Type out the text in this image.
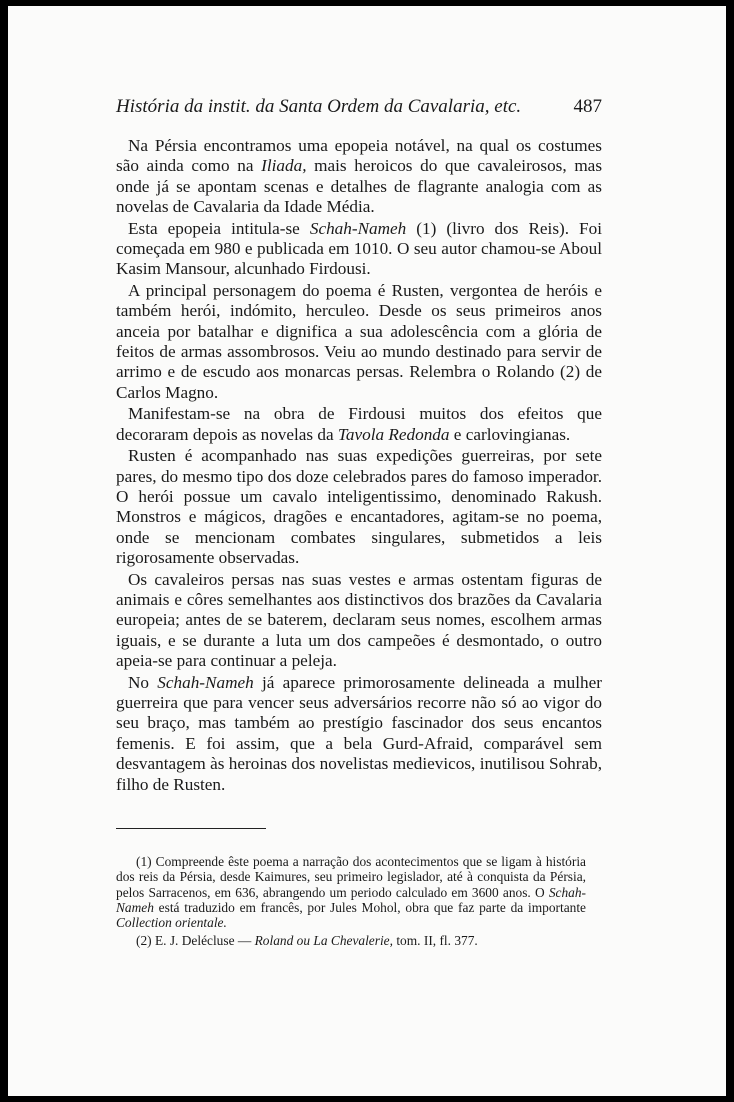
História da instit. da Santa Ordem da Cavalaria, etc.	487

Na Pérsia encontramos uma epopeia notável, na qual os costumes são ainda como na Iliada, mais heroicos do que cavaleirosos, mas onde já se apontam scenas e detalhes de flagrante analogia com as novelas de Cavalaria da Idade Média.

Esta epopeia intitula-se Schah-Nameh (1) (livro dos Reis). Foi começada em 980 e publicada em 1010. O seu autor chamou-se Aboul Kasim Mansour, alcunhado Firdousi.

A principal personagem do poema é Rusten, vergontea de heróis e também herói, indómito, herculeo. Desde os seus primeiros anos anceia por batalhar e dignifica a sua adolescência com a glória de feitos de armas assombrosos. Veiu ao mundo destinado para servir de arrimo e de escudo aos monarcas persas. Relembra o Rolando (2) de Carlos Magno.

Manifestam-se na obra de Firdousi muitos dos efeitos que decoraram depois as novelas da Tavola Redonda e carlovingianas.

Rusten é acompanhado nas suas expedições guerreiras, por sete pares, do mesmo tipo dos doze celebrados pares do famoso imperador. O herói possue um cavalo inteligentissimo, denominado Rakush. Monstros e mágicos, dragões e encantadores, agitam-se no poema, onde se mencionam combates singulares, submetidos a leis rigorosamente observadas.

Os cavaleiros persas nas suas vestes e armas ostentam figuras de animais e côres semelhantes aos distinctivos dos brazões da Cavalaria europeia; antes de se baterem, declaram seus nomes, escolhem armas iguais, e se durante a luta um dos campeões é desmontado, o outro apeia-se para continuar a peleja.

No Schah-Nameh já aparece primorosamente delineada a mulher guerreira que para vencer seus adversários recorre não só ao vigor do seu braço, mas também ao prestígio fascinador dos seus encantos femenis. E foi assim, que a bela Gurd-Afraid, comparável sem desvantagem às heroinas dos novelistas medievicos, inutilisou Sohrab, filho de Rusten.

(1) Compreende êste poema a narração dos acontecimentos que se ligam à história dos reis da Pérsia, desde Kaimures, seu primeiro legislador, até à conquista da Pérsia, pelos Sarracenos, em 636, abrangendo um periodo calculado em 3600 anos. O Schah-Nameh está traduzido em francês, por Jules Mohol, obra que faz parte da importante Collection orientale.

(2) E. J. Delécluse — Roland ou La Chevalerie, tom. II, fl. 377.
